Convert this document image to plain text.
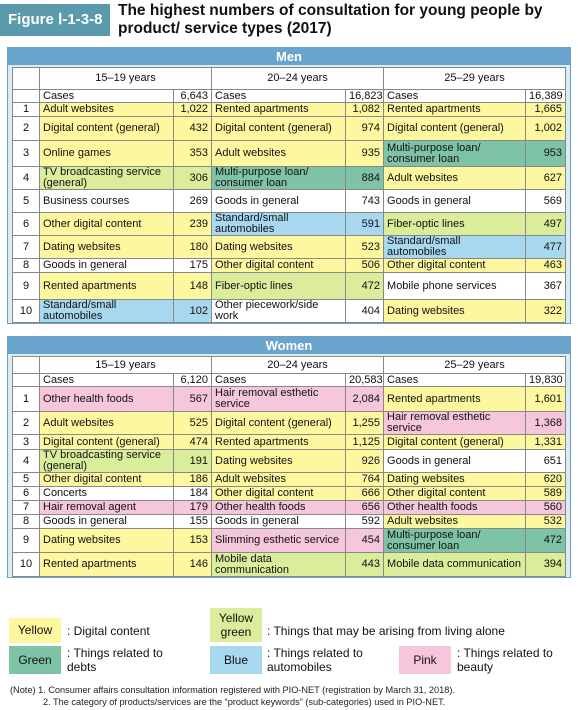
Figure Ⅰ-1-3-8
The highest numbers of consultation for young people by product/ service types (2017)
Men
	15–19 years		20–24 years		25–29 years	
	Cases	6,643	Cases	16,823	Cases	16,389
1	Adult websites	1,022	Rented apartments	1,082	Rented apartments	1,665
2	Digital content (general)	432	Digital content (general)	974	Digital content (general)	1,002
3	Online games	353	Adult websites	935	Multi-purpose loan/ consumer loan	953
4	TV broadcasting service (general)	306	Multi-purpose loan/ consumer loan	884	Adult websites	627
5	Business courses	269	Goods in general	743	Goods in general	569
6	Other digital content	239	Standard/small automobiles	591	Fiber-optic lines	497
7	Dating websites	180	Dating websites	523	Standard/small automobiles	477
8	Goods in general	175	Other digital content	506	Other digital content	463
9	Rented apartments	148	Fiber-optic lines	472	Mobile phone services	367
10	Standard/small automobiles	102	Other piecework/side work	404	Dating websites	322
Women
	15–19 years		20–24 years		25–29 years	
	Cases	6,120	Cases	20,583	Cases	19,830
1	Other health foods	567	Hair removal esthetic service	2,084	Rented apartments	1,601
2	Adult websites	525	Digital content (general)	1,255	Hair removal esthetic service	1,368
3	Digital content (general)	474	Rented apartments	1,125	Digital content (general)	1,331
4	TV broadcasting service (general)	191	Dating websites	926	Goods in general	651
5	Other digital content	186	Adult websites	764	Dating websites	620
6	Concerts	184	Other digital content	666	Other digital content	589
7	Hair removal agent	179	Other health foods	656	Other health foods	560
8	Goods in general	155	Goods in general	592	Adult websites	532
9	Dating websites	153	Slimming esthetic service	454	Multi-purpose loan/ consumer loan	472
10	Rented apartments	146	Mobile data communication	443	Mobile data communication	394
Yellow	: Digital content
Yellow green	: Things that may be arising from living alone
Green	: Things related to debts	Blue	: Things related to automobiles	Pink	: Things related to beauty
(Note) 1. Consumer affairs consultation information registered with PIO-NET (registration by March 31, 2018).
2. The category of products/services are the “product keywords” (sub-categories) used in PIO-NET.
